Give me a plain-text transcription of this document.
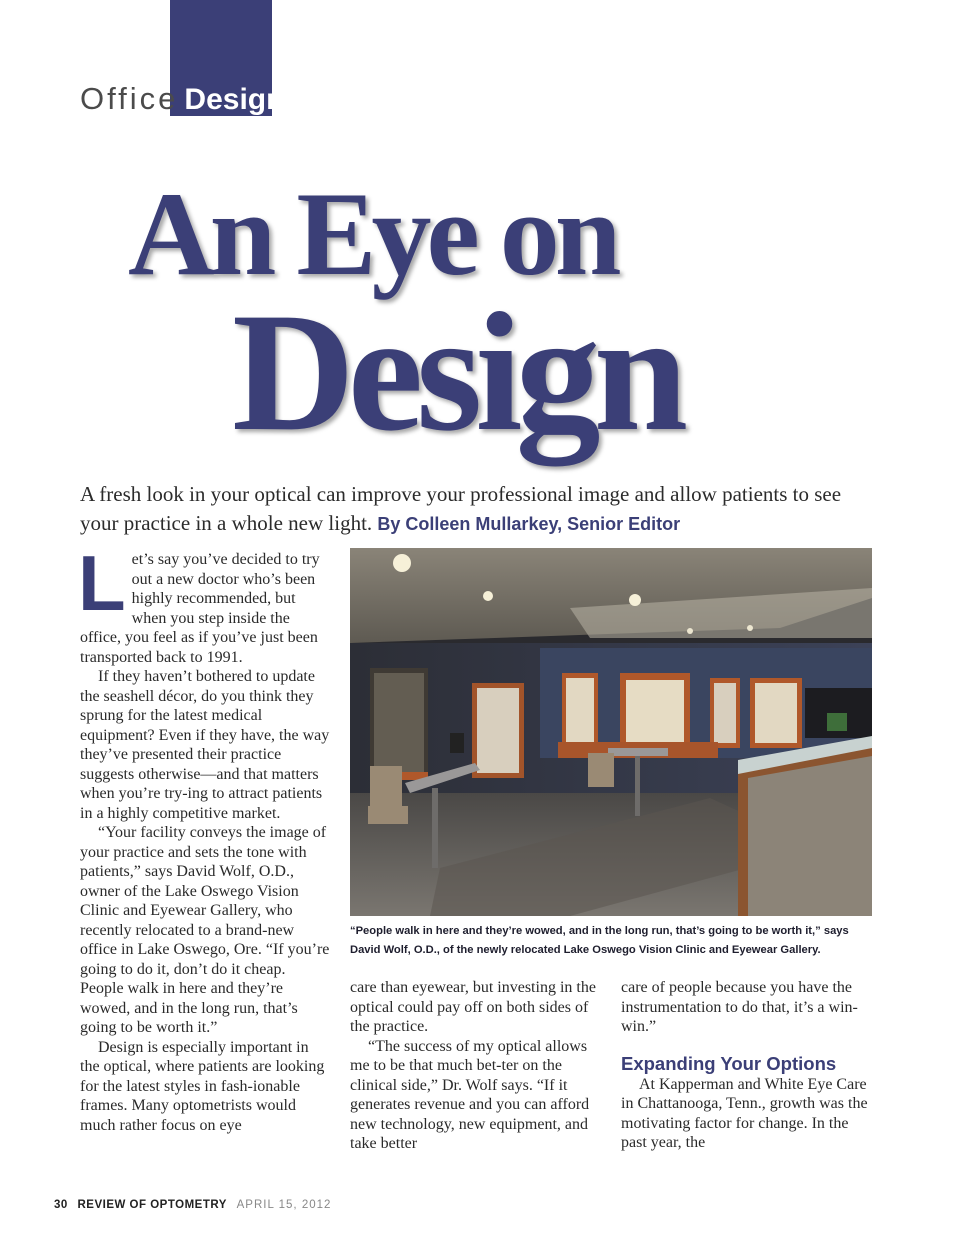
Office Design
An Eye on
Design
A fresh look in your optical can improve your professional image and allow patients to see your practice in a whole new light. By Colleen Mullarkey, Senior Editor

Let’s say you’ve decided to try out a new doctor who’s been highly recommended, but when you step inside the office, you feel as if you’ve just been transported back to 1991.

If they haven’t bothered to update the seashell décor, do you think they sprung for the latest medical equipment? Even if they have, the way they’ve presented their practice suggests otherwise—and that matters when you’re try-ing to attract patients in a highly competitive market.

“Your facility conveys the image of your practice and sets the tone with patients,” says David Wolf, O.D., owner of the Lake Oswego Vision Clinic and Eyewear Gallery, who recently relocated to a brand-new office in Lake Oswego, Ore. “If you’re going to do it, don’t do it cheap. People walk in here and they’re wowed, and in the long run, that’s going to be worth it.”

Design is especially important in the optical, where patients are looking for the latest styles in fash-ionable frames. Many optometrists would much rather focus on eye

“People walk in here and they’re wowed, and in the long run, that’s going to be worth it,” says David Wolf, O.D., of the newly relocated Lake Oswego Vision Clinic and Eyewear Gallery.

care than eyewear, but investing in the optical could pay off on both sides of the practice.

“The success of my optical allows me to be that much bet-ter on the clinical side,” Dr. Wolf says. “If it generates revenue and you can afford new technology, new equipment, and take better

care of people because you have the instrumentation to do that, it’s a win-win.”

Expanding Your Options

At Kapperman and White Eye Care in Chattanooga, Tenn., growth was the motivating factor for change. In the past year, the

30 REVIEW OF OPTOMETRY APRIL 15, 2012
